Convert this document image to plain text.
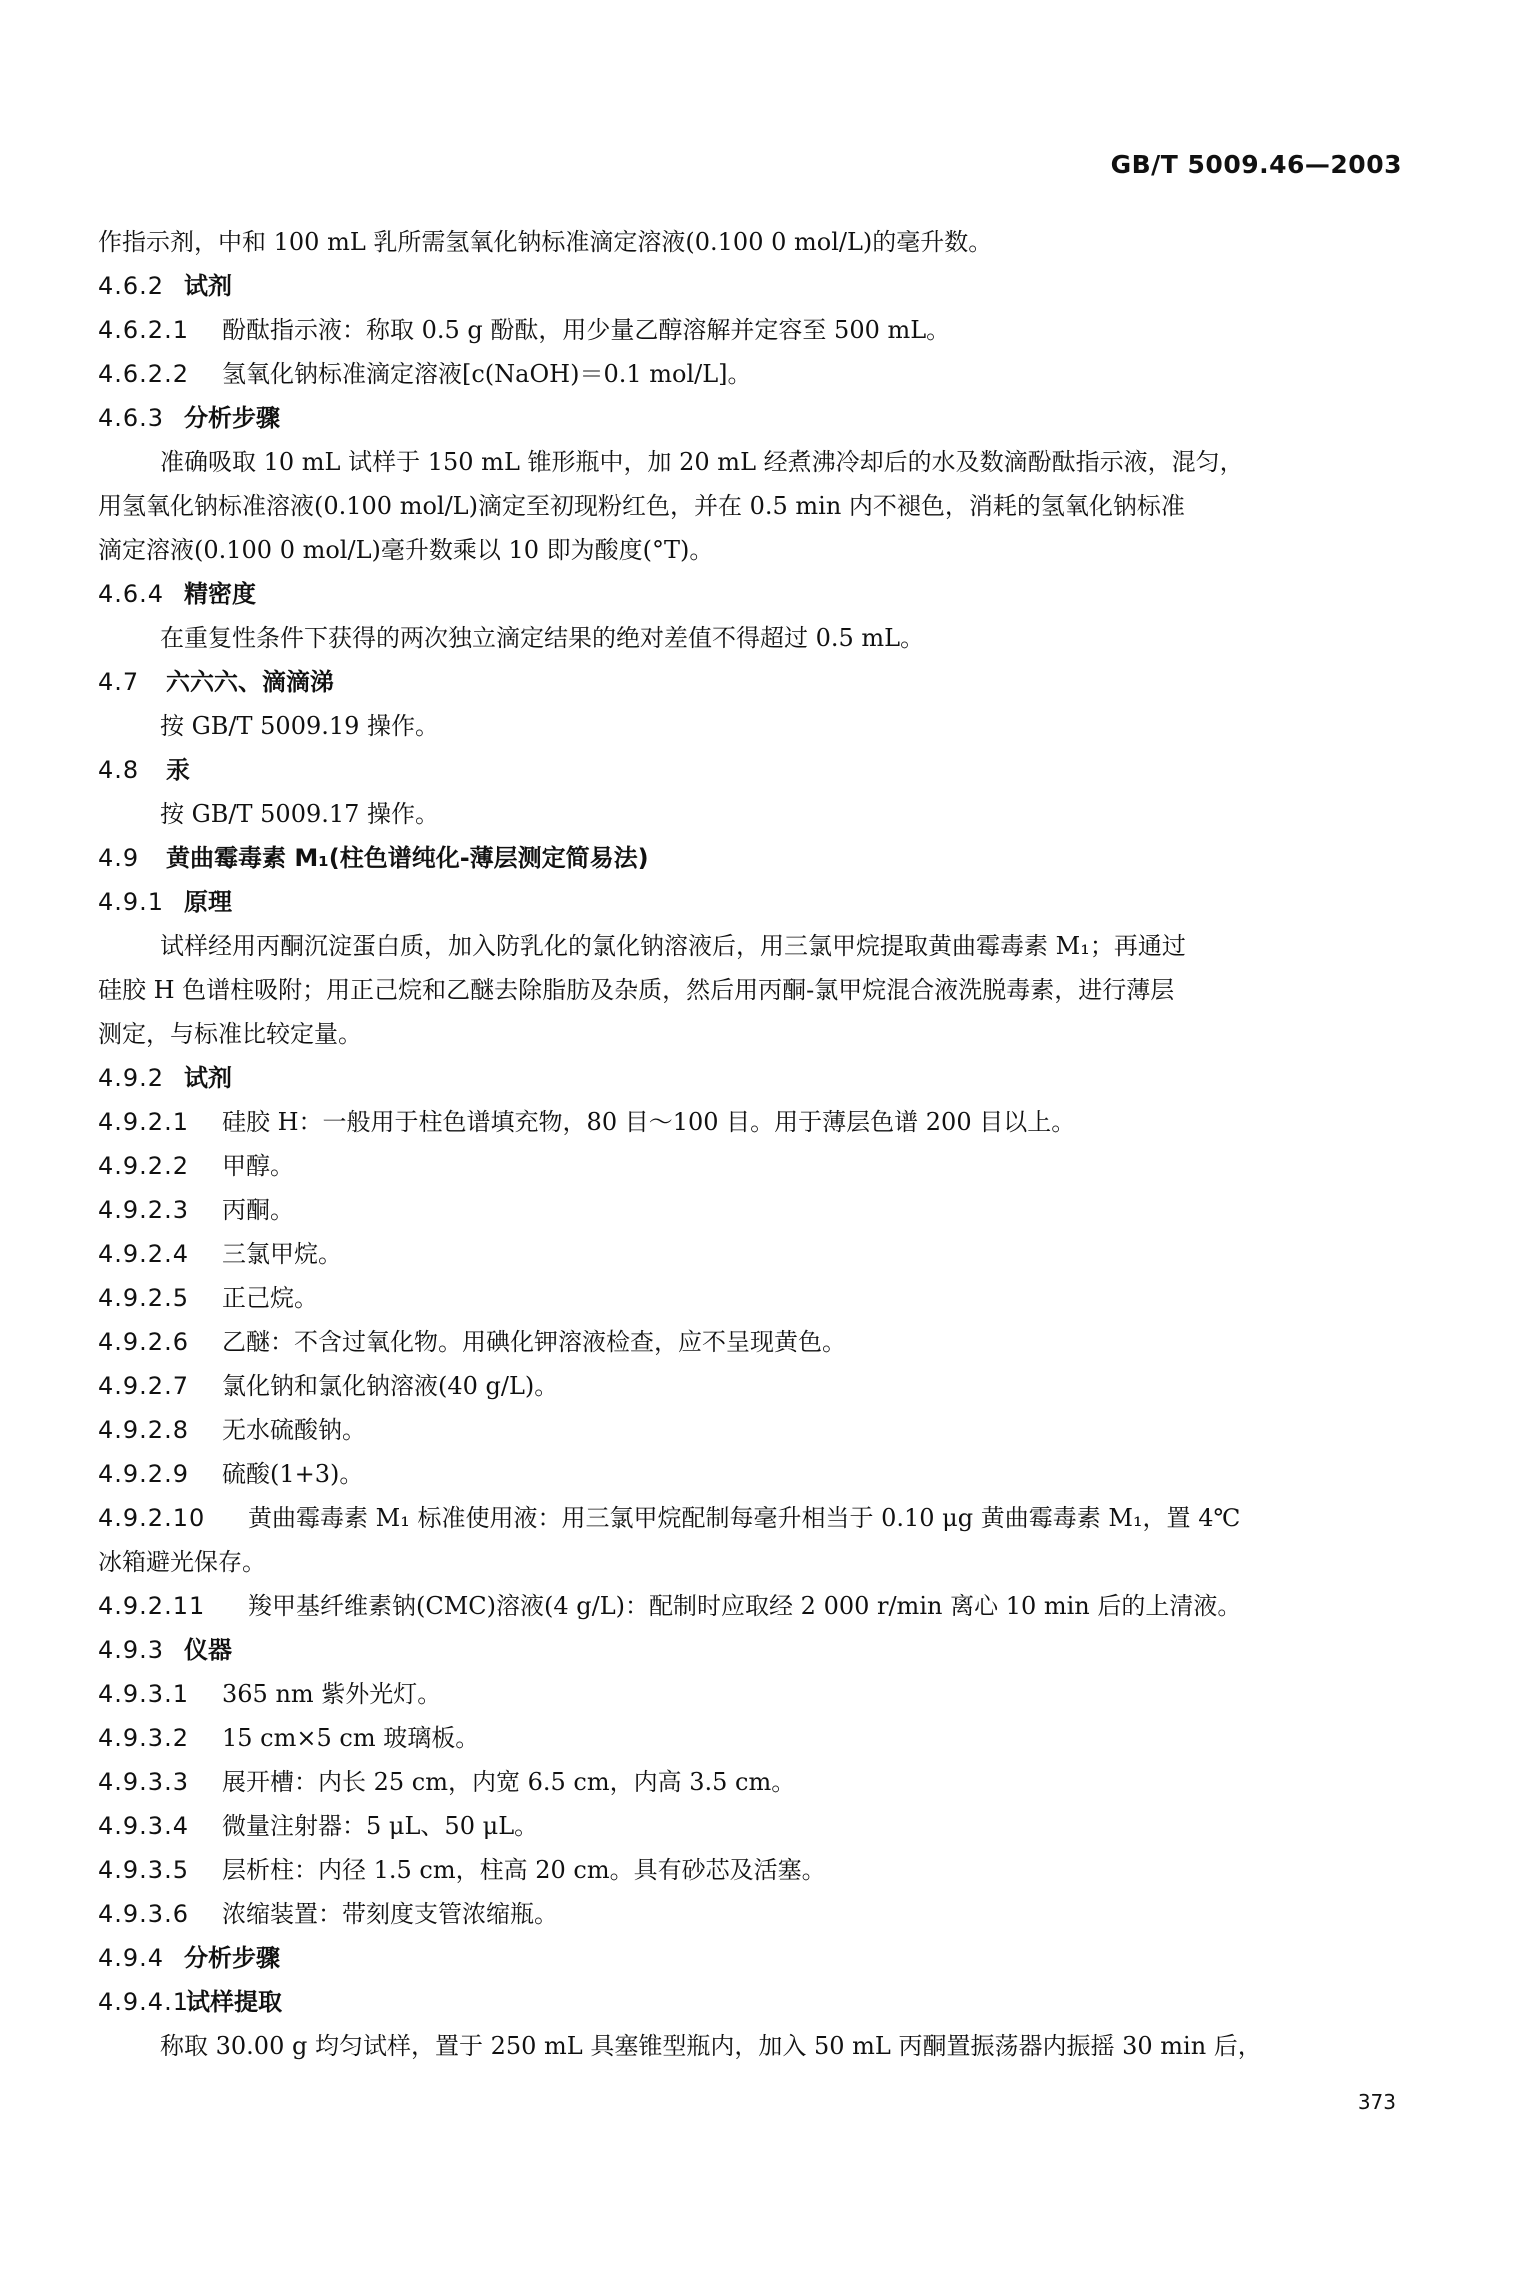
GB/T 5009.46—2003
作指示剂，中和 100 mL 乳所需氢氧化钠标准滴定溶液(0.100 0 mol/L)的毫升数。
4.6.2 试剂
4.6.2.1 酚酞指示液：称取 0.5 g 酚酞，用少量乙醇溶解并定容至 500 mL。
4.6.2.2 氢氧化钠标准滴定溶液[c(NaOH)＝0.1 mol/L]。
4.6.3 分析步骤
准确吸取 10 mL 试样于 150 mL 锥形瓶中，加 20 mL 经煮沸冷却后的水及数滴酚酞指示液，混匀，
用氢氧化钠标准溶液(0.100 mol/L)滴定至初现粉红色，并在 0.5 min 内不褪色，消耗的氢氧化钠标准
滴定溶液(0.100 0 mol/L)毫升数乘以 10 即为酸度(°T)。
4.6.4 精密度
在重复性条件下获得的两次独立滴定结果的绝对差值不得超过 0.5 mL。
4.7 六六六、滴滴涕
按 GB/T 5009.19 操作。
4.8 汞
按 GB/T 5009.17 操作。
4.9 黄曲霉毒素 M₁(柱色谱纯化-薄层测定简易法)
4.9.1 原理
试样经用丙酮沉淀蛋白质，加入防乳化的氯化钠溶液后，用三氯甲烷提取黄曲霉毒素 M₁；再通过
硅胶 H 色谱柱吸附；用正己烷和乙醚去除脂肪及杂质，然后用丙酮-氯甲烷混合液洗脱毒素，进行薄层
测定，与标准比较定量。
4.9.2 试剂
4.9.2.1 硅胶 H：一般用于柱色谱填充物，80 目～100 目。用于薄层色谱 200 目以上。
4.9.2.2 甲醇。
4.9.2.3 丙酮。
4.9.2.4 三氯甲烷。
4.9.2.5 正己烷。
4.9.2.6 乙醚：不含过氧化物。用碘化钾溶液检查，应不呈现黄色。
4.9.2.7 氯化钠和氯化钠溶液(40 g/L)。
4.9.2.8 无水硫酸钠。
4.9.2.9 硫酸(1+3)。
4.9.2.10 黄曲霉毒素 M₁ 标准使用液：用三氯甲烷配制每毫升相当于 0.10 μg 黄曲霉毒素 M₁，置 4℃
冰箱避光保存。
4.9.2.11 羧甲基纤维素钠(CMC)溶液(4 g/L)：配制时应取经 2 000 r/min 离心 10 min 后的上清液。
4.9.3 仪器
4.9.3.1 365 nm 紫外光灯。
4.9.3.2 15 cm×5 cm 玻璃板。
4.9.3.3 展开槽：内长 25 cm，内宽 6.5 cm，内高 3.5 cm。
4.9.3.4 微量注射器：5 μL、50 μL。
4.9.3.5 层析柱：内径 1.5 cm，柱高 20 cm。具有砂芯及活塞。
4.9.3.6 浓缩装置：带刻度支管浓缩瓶。
4.9.4 分析步骤
4.9.4.1试样提取
称取 30.00 g 均匀试样，置于 250 mL 具塞锥型瓶内，加入 50 mL 丙酮置振荡器内振摇 30 min 后，
373
